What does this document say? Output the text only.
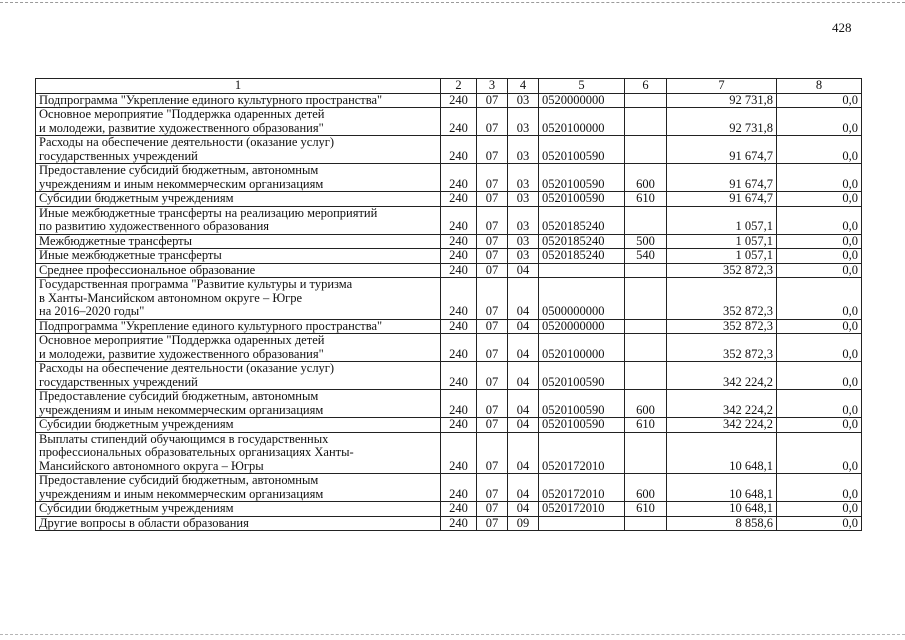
428
1	2	3	4	5	6	7	8
Подпрограмма "Укрепление единого культурного пространства"	240	07	03	0520000000		92 731,8	0,0
Основное мероприятие "Поддержка одаренных детей
и молодежи, развитие художественного образования"	240	07	03	0520100000		92 731,8	0,0
Расходы на обеспечение деятельности (оказание услуг)
государственных учреждений	240	07	03	0520100590		91 674,7	0,0
Предоставление субсидий бюджетным, автономным
учреждениям и иным некоммерческим организациям	240	07	03	0520100590	600	91 674,7	0,0
Субсидии бюджетным учреждениям	240	07	03	0520100590	610	91 674,7	0,0
Иные межбюджетные трансферты на реализацию мероприятий
по развитию художественного образования	240	07	03	0520185240		1 057,1	0,0
Межбюджетные трансферты	240	07	03	0520185240	500	1 057,1	0,0
Иные межбюджетные трансферты	240	07	03	0520185240	540	1 057,1	0,0
Среднее профессиональное образование	240	07	04			352 872,3	0,0
Государственная программа "Развитие культуры и туризма
в Ханты-Мансийском автономном округе – Югре
на 2016–2020 годы"	240	07	04	0500000000		352 872,3	0,0
Подпрограмма "Укрепление единого культурного пространства"	240	07	04	0520000000		352 872,3	0,0
Основное мероприятие "Поддержка одаренных детей
и молодежи, развитие художественного образования"	240	07	04	0520100000		352 872,3	0,0
Расходы на обеспечение деятельности (оказание услуг)
государственных учреждений	240	07	04	0520100590		342 224,2	0,0
Предоставление субсидий бюджетным, автономным
учреждениям и иным некоммерческим организациям	240	07	04	0520100590	600	342 224,2	0,0
Субсидии бюджетным учреждениям	240	07	04	0520100590	610	342 224,2	0,0
Выплаты стипендий обучающимся в государственных
профессиональных образовательных организациях Ханты-
Мансийского автономного округа – Югры	240	07	04	0520172010		10 648,1	0,0
Предоставление субсидий бюджетным, автономным
учреждениям и иным некоммерческим организациям	240	07	04	0520172010	600	10 648,1	0,0
Субсидии бюджетным учреждениям	240	07	04	0520172010	610	10 648,1	0,0
Другие вопросы в области образования	240	07	09			8 858,6	0,0
